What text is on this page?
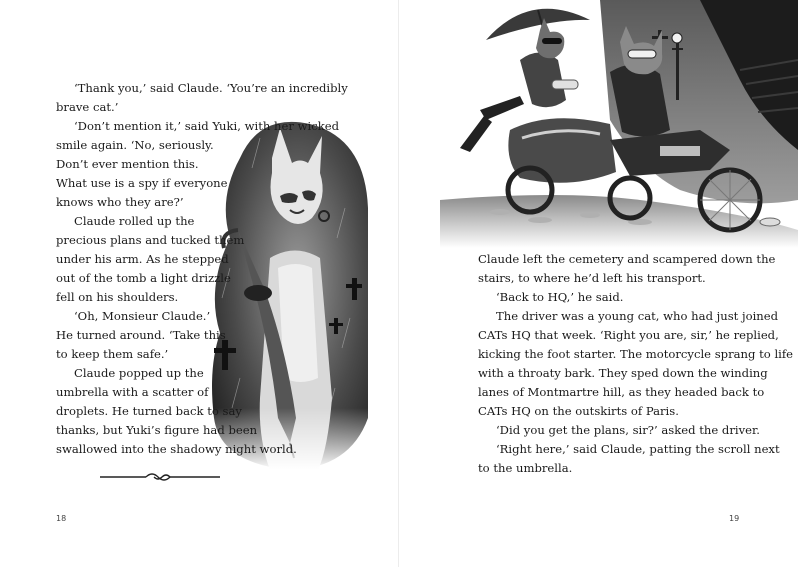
‘Thank you,’ said Claude. ‘You’re an incredibly
brave cat.’
‘Don’t mention it,’ said Yuki, with her wicked
smile again. ‘No, seriously.
Don’t ever mention this.
What use is a spy if everyone
knows who they are?’
Claude rolled up the
precious plans and tucked them
under his arm. As he stepped
out of the tomb a light drizzle
fell on his shoulders.
‘Oh, Monsieur Claude.’
He turned around. ‘Take this
to keep them safe.’
Claude popped up the
umbrella with a scatter of
droplets. He turned back to say
thanks, but Yuki’s figure had been
swallowed into the shadowy night world.
18	19
Claude left the cemetery and scampered down the
stairs, to where he’d left his transport.
‘Back to HQ,’ he said.
The driver was a young cat, who had just joined
CATs HQ that week. ‘Right you are, sir,’ he replied,
kicking the foot starter. The motorcycle sprang to life
with a throaty bark. They sped down the winding
lanes of Montmartre hill, as they headed back to
CATs HQ on the outskirts of Paris.
‘Did you get the plans, sir?’ asked the driver.
‘Right here,’ said Claude, patting the scroll next
to the umbrella.
